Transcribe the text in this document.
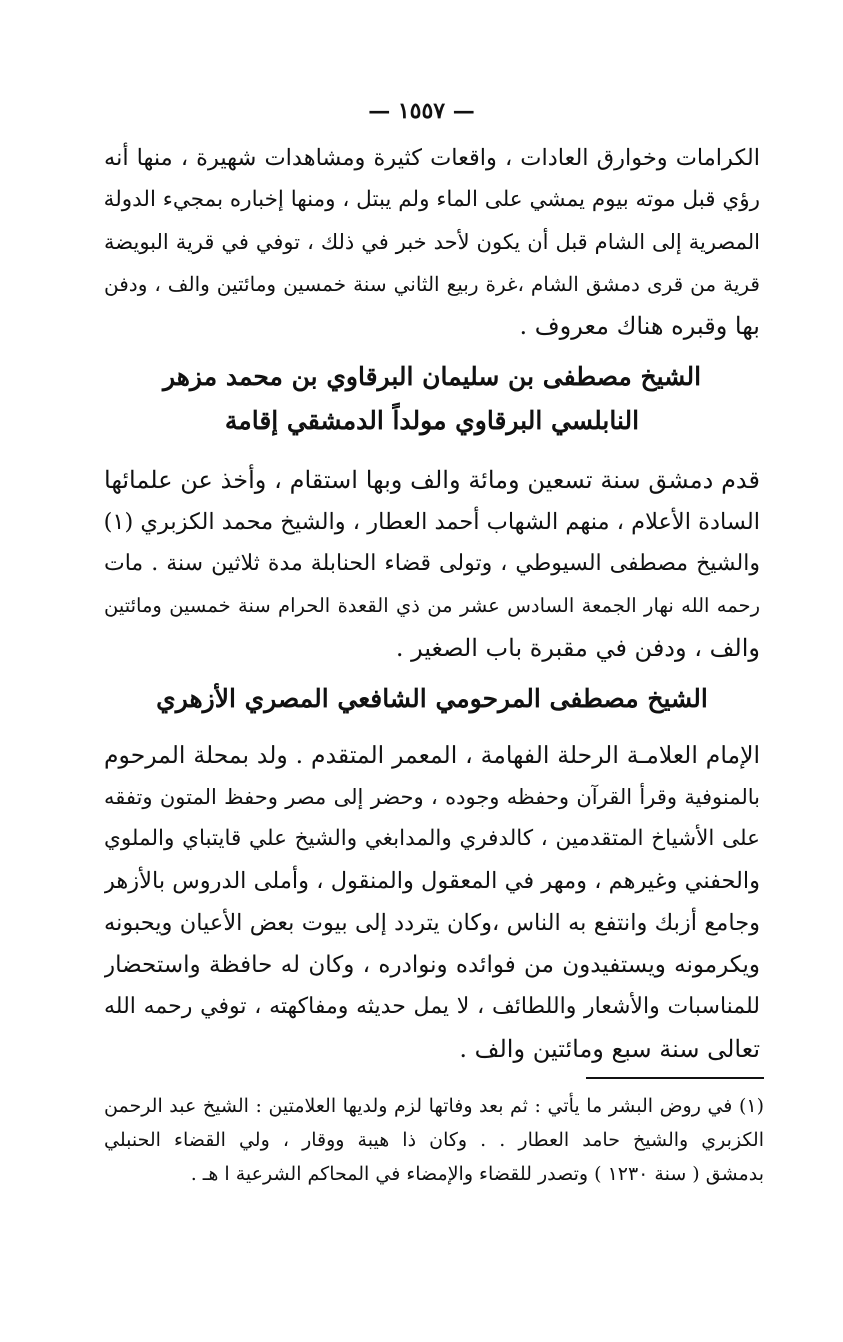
— ١٥٥٧ —
الكرامات وخوارق العادات ، واقعات كثيرة ومشاهدات شهيرة ، منها أنه
رؤي قبل موته بيوم يمشي على الماء ولم يبتل ، ومنها إخباره بمجيء الدولة
المصرية إلى الشام قبل أن يكون لأحد خبر في ذلك ، توفي في قرية البويضة
قرية من قرى دمشق الشام ،غرة ربيع الثاني سنة خمسين ومائتين والف ، ودفن
بها وقبره هناك معروف .
الشيخ مصطفى بن سليمان البرقاوي بن محمد مزهر
النابلسي البرقاوي مولداً الدمشقي إقامة
قدم دمشق سنة تسعين ومائة والف وبها استقام ، وأخذ عن علمائها
السادة الأعلام ، منهم الشهاب أحمد العطار ، والشيخ محمد الكزبري (١)
والشيخ مصطفى السيوطي ، وتولى قضاء الحنابلة مدة ثلاثين سنة . مات
رحمه الله نهار الجمعة السادس عشر من ذي القعدة الحرام سنة خمسين ومائتين
والف ، ودفن في مقبرة باب الصغير .
الشيخ مصطفى المرحومي الشافعي المصري الأزهري
الإمام العلامـة الرحلة الفهامة ، المعمر المتقدم . ولد بمحلة المرحوم
بالمنوفية وقرأ القرآن وحفظه وجوده ، وحضر إلى مصر وحفظ المتون وتفقه
على الأشياخ المتقدمين ، كالدفري والمدابغي والشيخ علي قايتباي والملوي
والحفني وغيرهم ، ومهر في المعقول والمنقول ، وأملى الدروس بالأزهر
وجامع أزبك وانتفع به الناس ،وكان يتردد إلى بيوت بعض الأعيان ويحبونه
ويكرمونه ويستفيدون من فوائده ونوادره ، وكان له حافظة واستحضار
للمناسبات والأشعار واللطائف ، لا يمل حديثه ومفاكهته ، توفي رحمه الله
تعالى سنة سبع ومائتين والف .
(١) في روض البشر ما يأتي : ثم بعد وفاتها لزم ولديها العلامتين : الشيخ عبد الرحمن
الكزبري والشيخ حامد العطار . . وكان ذا هيبة ووقار ، ولي القضاء الحنبلي
بدمشق ( سنة ١٢٣٠ ) وتصدر للقضاء والإمضاء في المحاكم الشرعية ا هـ .
